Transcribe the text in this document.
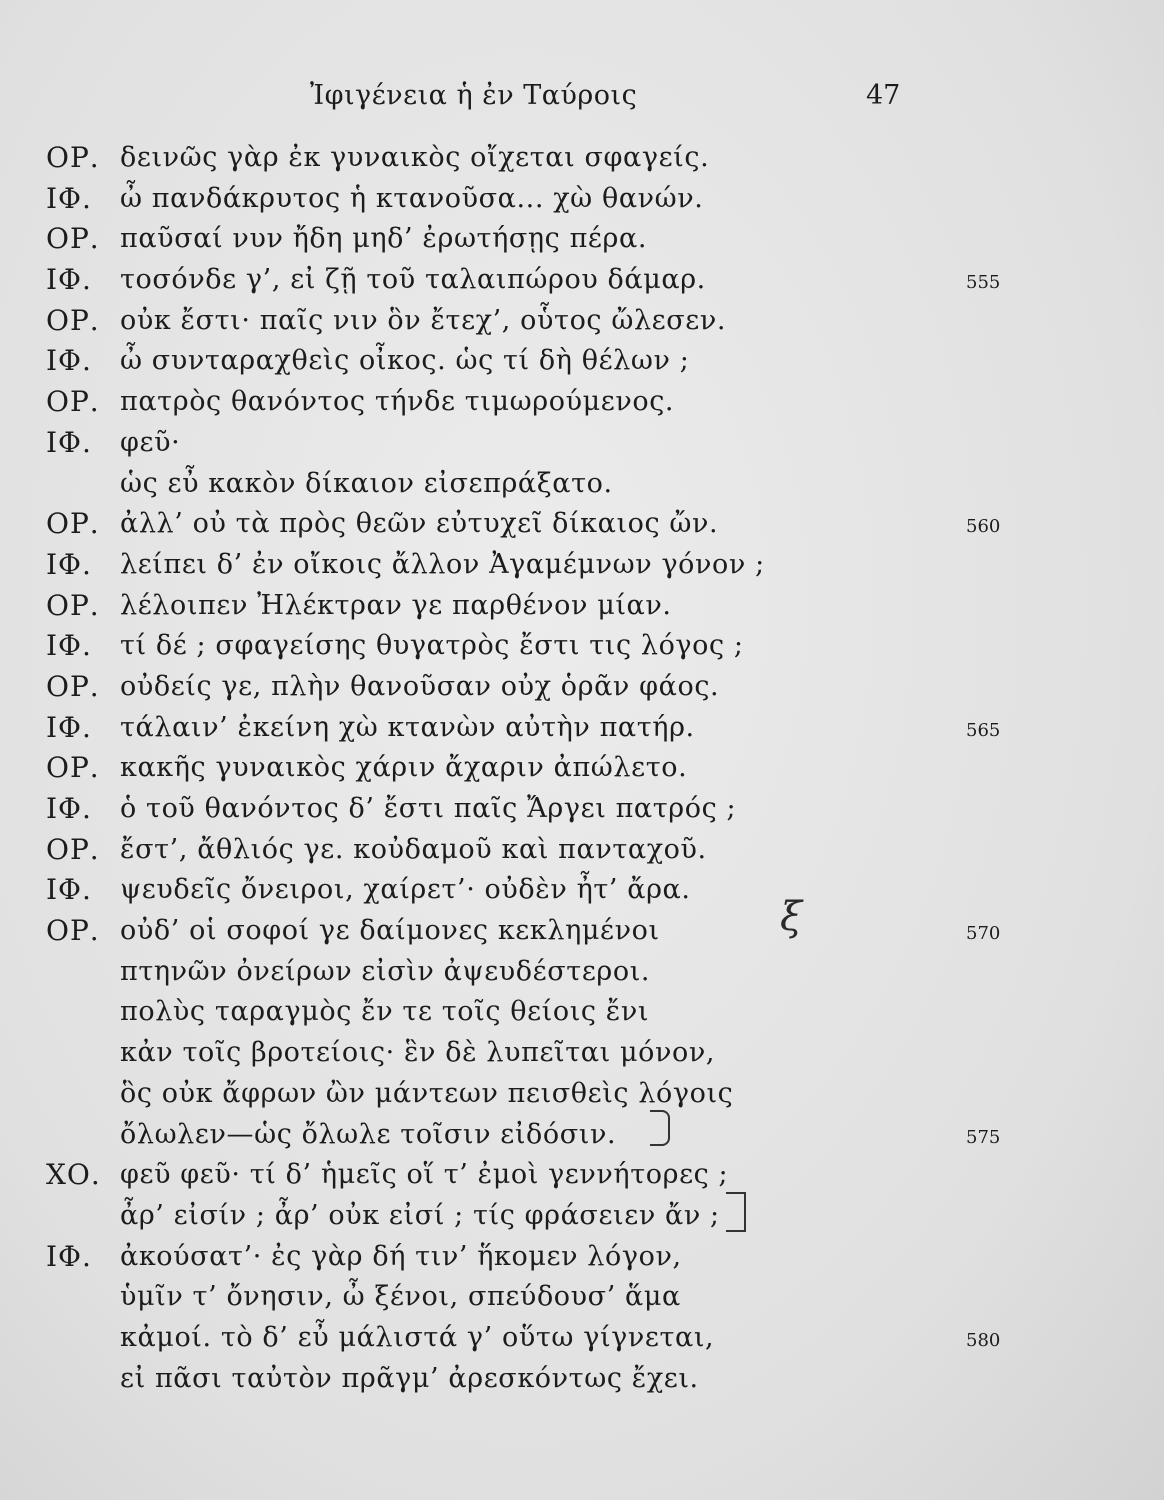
Ἰφιγένεια ἡ ἐν Ταύροις	47
ΟΡ. δεινῶς γὰρ ἐκ γυναικὸς οἴχεται σφαγείς.
ΙΦ. ὦ πανδάκρυτος ἡ κτανοῦσα... χὼ θανών.
ΟΡ. παῦσαί νυν ἤδη μηδ’ ἐρωτήσῃς πέρα.
ΙΦ. τοσόνδε γ’, εἰ ζῇ τοῦ ταλαιπώρου δάμαρ.	555
ΟΡ. οὐκ ἔστι· παῖς νιν ὃν ἔτεχ’, οὗτος ὤλεσεν.
ΙΦ. ὦ συνταραχθεὶς οἶκος. ὡς τί δὴ θέλων ;
ΟΡ. πατρὸς θανόντος τήνδε τιμωρούμενος.
ΙΦ. φεῦ·
ὡς εὖ κακὸν δίκαιον εἰσεπράξατο.
ΟΡ. ἀλλ’ οὐ τὰ πρὸς θεῶν εὐτυχεῖ δίκαιος ὤν.	560
ΙΦ. λείπει δ’ ἐν οἴκοις ἄλλον Ἀγαμέμνων γόνον ;
ΟΡ. λέλοιπεν Ἠλέκτραν γε παρθένον μίαν.
ΙΦ. τί δέ ; σφαγείσης θυγατρὸς ἔστι τις λόγος ;
ΟΡ. οὐδείς γε, πλὴν θανοῦσαν οὐχ ὁρᾶν φάος.
ΙΦ. τάλαιν’ ἐκείνη χὼ κτανὼν αὐτὴν πατήρ.	565
ΟΡ. κακῆς γυναικὸς χάριν ἄχαριν ἀπώλετο.
ΙΦ. ὁ τοῦ θανόντος δ’ ἔστι παῖς Ἄργει πατρός ;
ΟΡ. ἔστ’, ἄθλιός γε. κοὐδαμοῦ καὶ πανταχοῦ.
ΙΦ. ψευδεῖς ὄνειροι, χαίρετ’· οὐδὲν ἦτ’ ἄρα.
ΟΡ. οὐδ’ οἱ σοφοί γε δαίμονες κεκλημένοι	570
πτηνῶν ὀνείρων εἰσὶν ἀψευδέστεροι.
πολὺς ταραγμὸς ἔν τε τοῖς θείοις ἔνι
κἀν τοῖς βροτείοις· ἓν δὲ λυπεῖται μόνον,
ὃς οὐκ ἄφρων ὢν μάντεων πεισθεὶς λόγοις
ὄλωλεν—ὡς ὄλωλε τοῖσιν εἰδόσιν.	575
ΧΟ. φεῦ φεῦ· τί δ’ ἡμεῖς οἵ τ’ ἐμοὶ γεννήτορες ;
ἆρ’ εἰσίν ; ἆρ’ οὐκ εἰσί ; τίς φράσειεν ἄν ;
ΙΦ. ἀκούσατ’· ἐς γὰρ δή τιν’ ἥκομεν λόγον,
ὑμῖν τ’ ὄνησιν, ὦ ξένοι, σπεύδουσ’ ἅμα
κἀμοί. τὸ δ’ εὖ μάλιστά γ’ οὕτω γίγνεται,	580
εἰ πᾶσι ταὐτὸν πρᾶγμ’ ἀρεσκόντως ἔχει.
ξ
